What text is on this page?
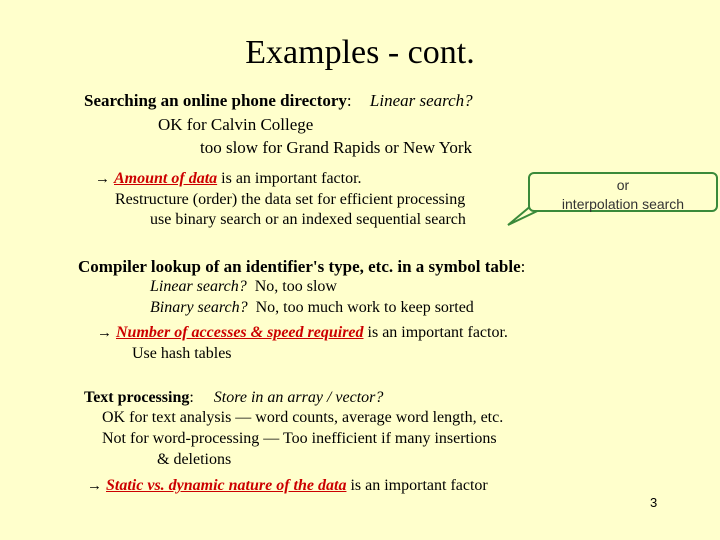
Examples - cont.
Searching an online phone directory: Linear search?
OK for Calvin College
too slow for Grand Rapids or New York
→ Amount of data is an important factor.
Restructure (order) the data set for efficient processing
use binary search or an indexed sequential search
or
interpolation search
Compiler lookup of an identifier's type, etc. in a symbol table:
Linear search? No, too slow
Binary search? No, too much work to keep sorted
→ Number of accesses & speed required is an important factor.
Use hash tables
Text processing: Store in an array / vector?
OK for text analysis — word counts, average word length, etc.
Not for word-processing — Too inefficient if many insertions
& deletions
→ Static vs. dynamic nature of the data is an important factor
3
